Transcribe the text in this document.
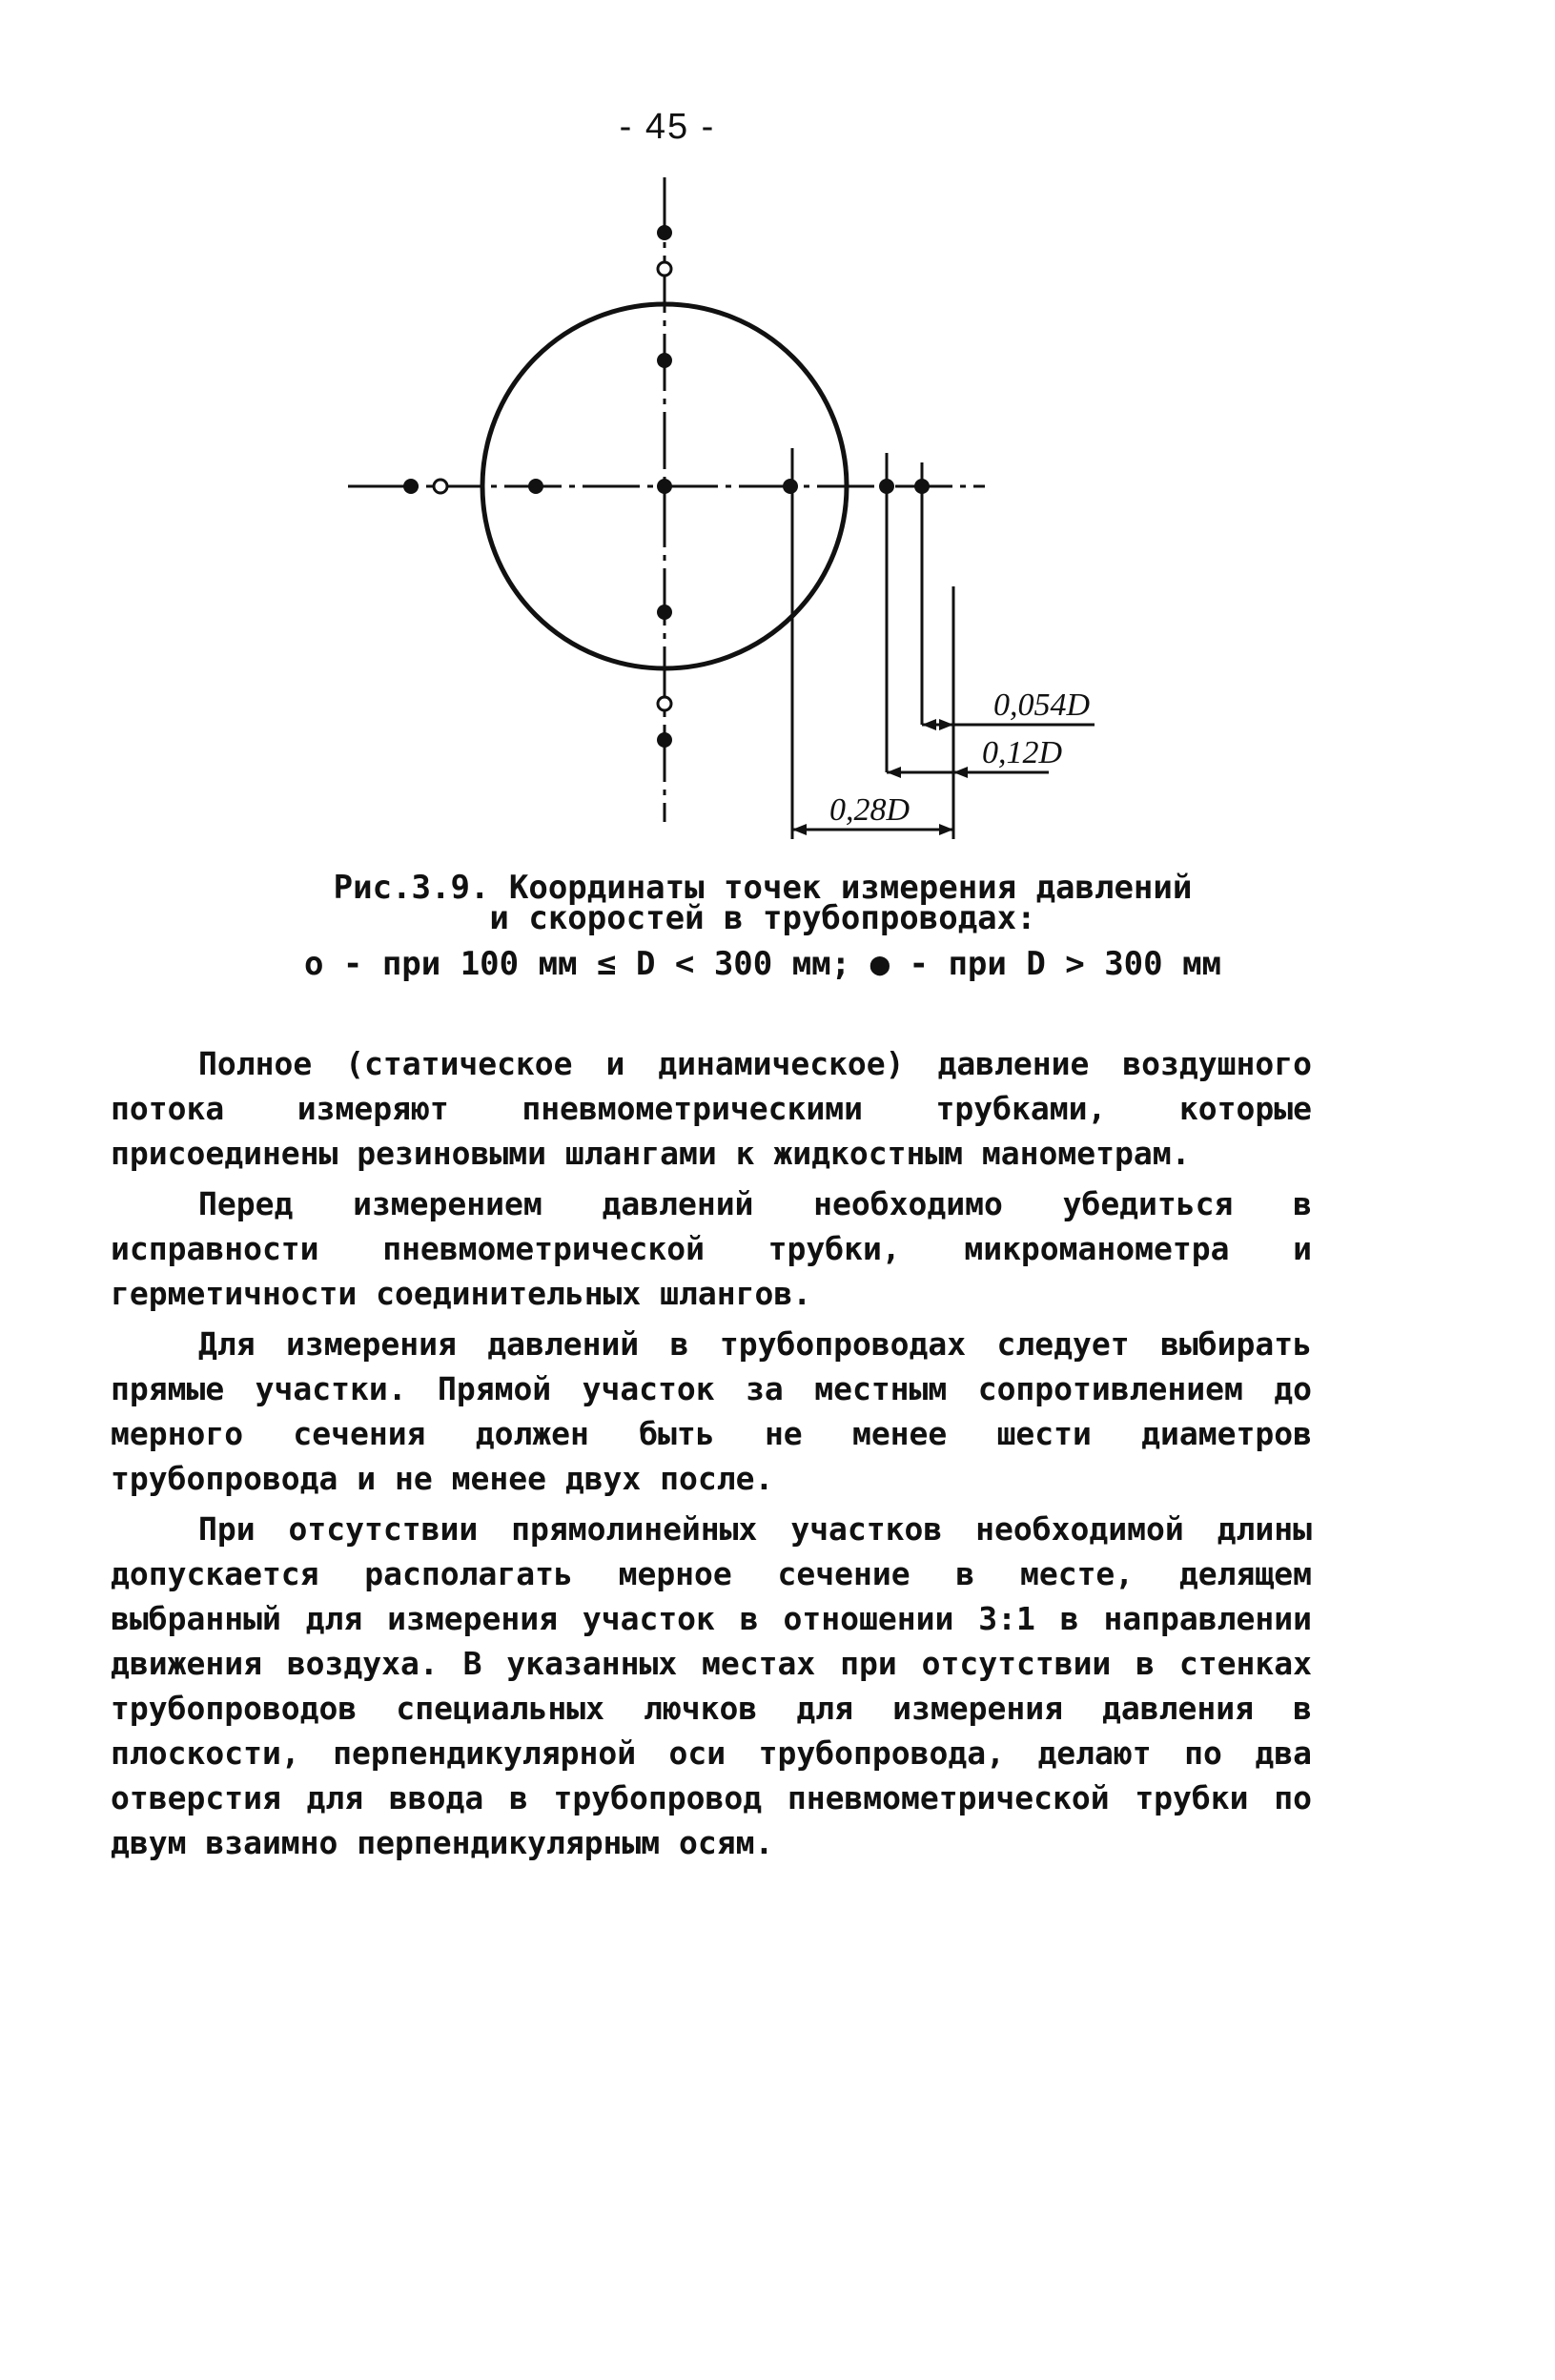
- 45 -
0,054D
0,12D
0,28D
Рис.3.9. Координаты точек измерения давлений
и скоростей в трубопроводах:
о - при 100 мм ≤ D < 300 мм; ● - при D > 300 мм

Полное (статическое и динамическое) давление воздушного потока измеряют пневмометрическими трубками, которые присоединены резиновыми шлангами к жидкостным манометрам.

Перед измерением давлений необходимо убедиться в исправности пневмометрической трубки, микроманометра и герметичности соединительных шлангов.

Для измерения давлений в трубопроводах следует выбирать прямые участки. Прямой участок за местным сопротивлением до мерного сечения должен быть не менее шести диаметров трубопровода и не менее двух после.

При отсутствии прямолинейных участков необходимой длины допускается располагать мерное сечение в месте, делящем выбранный для измерения участок в отношении 3:1 в направлении движения воздуха. В указанных местах при отсутствии в стенках трубопроводов специальных лючков для измерения давления в плоскости, перпендикулярной оси трубопровода, делают по два отверстия для ввода в трубопровод пневмометрической трубки по двум взаимно перпендикулярным осям.
